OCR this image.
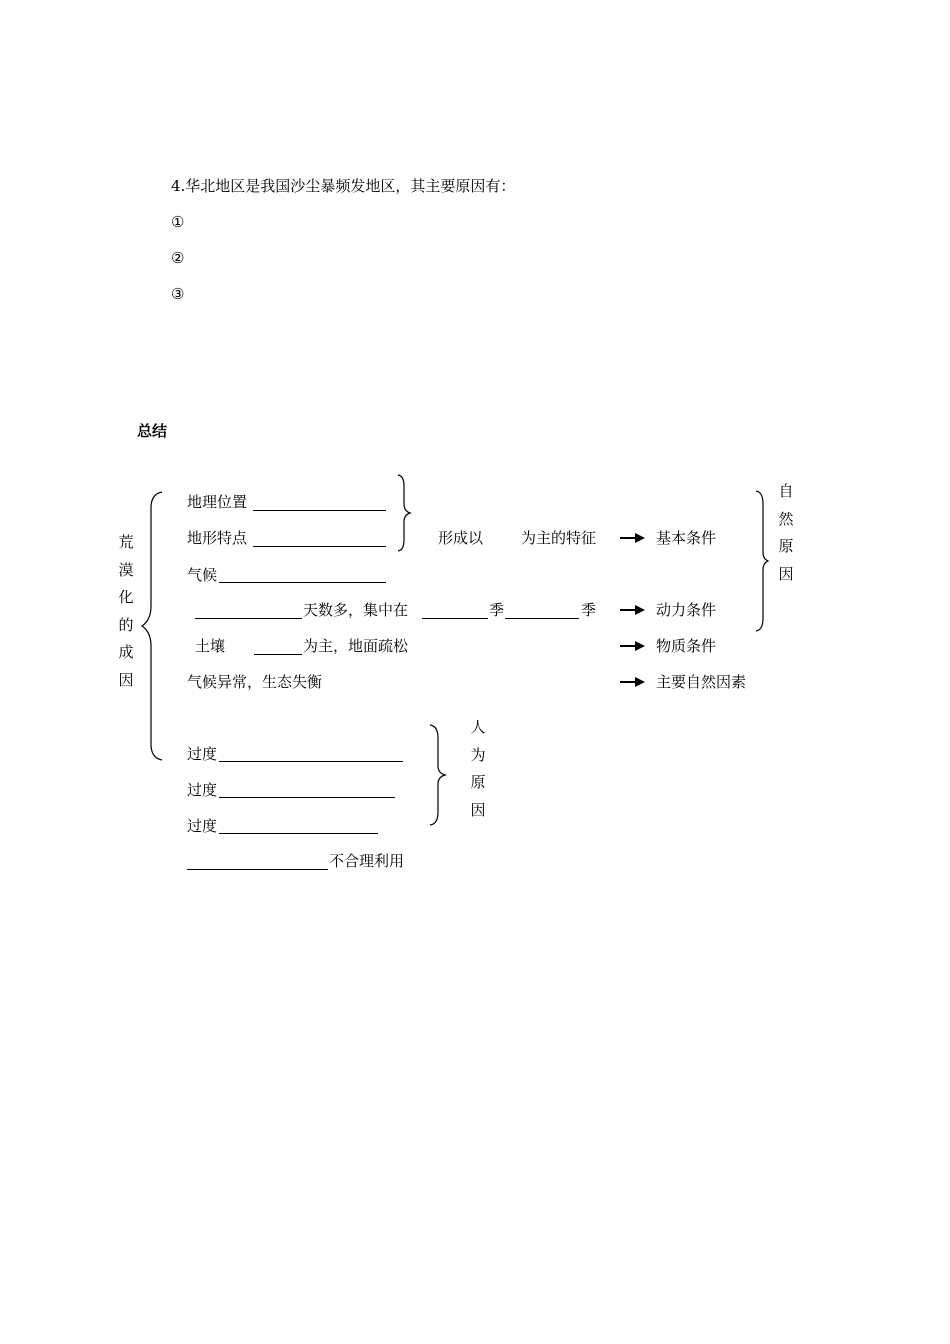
4.华北地区是我国沙尘暴频发地区，其主要原因有：
①
②
③
总结
荒漠化的成因
地理位置
地形特点	形成以	为主的特征	基本条件
气候
天数多，集中在	季	季	动力条件
土壤	为主，地面疏松	物质条件
气候异常，生态失衡	主要自然因素
自然原因
过度
过度
过度
不合理利用
人为原因
